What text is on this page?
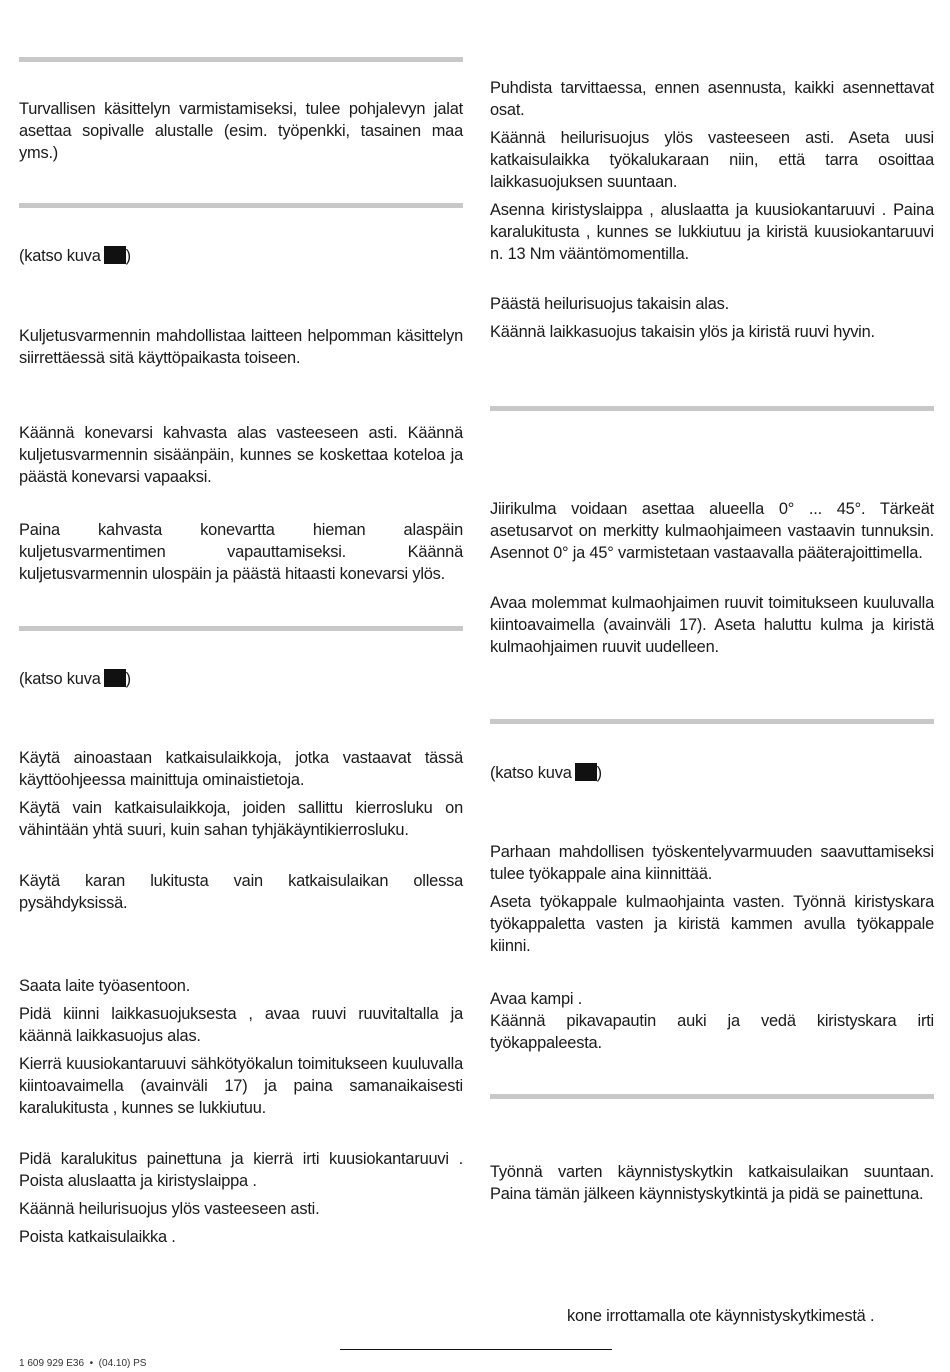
Turvallisen käsittelyn varmistamiseksi, tulee pohjalevyn jalat asettaa sopivalle alustalle (esim. työpenkki, tasainen maa yms.)

(katso kuva )

Kuljetusvarmennin mahdollistaa laitteen helpomman käsittelyn siirrettäessä sitä käyttöpaikasta toiseen.

Käännä konevarsi kahvasta alas vasteeseen asti. Käännä kuljetusvarmennin sisäänpäin, kunnes se koskettaa koteloa ja päästä konevarsi vapaaksi.

Paina kahvasta konevartta hieman alaspäin kuljetusvarmentimen vapauttamiseksi. Käännä kuljetusvarmennin ulospäin ja päästä hitaasti konevarsi ylös.

(katso kuva )

Käytä ainoastaan katkaisulaikkoja, jotka vastaavat tässä käyttöohjeessa mainittuja ominaistietoja.

Käytä vain katkaisulaikkoja, joiden sallittu kierrosluku on vähintään yhtä suuri, kuin sahan tyhjäkäyntikierrosluku.

Käytä karan lukitusta vain katkaisulaikan ollessa pysähdyksissä.

Saata laite työasentoon.

Pidä kiinni laikkasuojuksesta , avaa ruuvi ruuvitaltalla ja käännä laikkasuojus alas.

Kierrä kuusiokantaruuvi sähkötyökalun toimitukseen kuuluvalla kiintoavaimella (avainväli 17) ja paina samanaikaisesti karalukitusta , kunnes se lukkiutuu.

Pidä karalukitus painettuna ja kierrä irti kuusiokantaruuvi . Poista aluslaatta ja kiristyslaippa .

Käännä heilurisuojus ylös vasteeseen asti.

Poista katkaisulaikka .

Puhdista tarvittaessa, ennen asennusta, kaikki asennettavat osat.

Käännä heilurisuojus ylös vasteeseen asti. Aseta uusi katkaisulaikka työkalukaraan niin, että tarra osoittaa laikkasuojuksen suuntaan.

Asenna kiristyslaippa , aluslaatta ja kuusiokantaruuvi . Paina karalukitusta , kunnes se lukkiutuu ja kiristä kuusiokantaruuvi n. 13 Nm vääntömomentilla.

Päästä heilurisuojus takaisin alas.

Käännä laikkasuojus takaisin ylös ja kiristä ruuvi hyvin.

Jiirikulma voidaan asettaa alueella 0° ... 45°. Tärkeät asetusarvot on merkitty kulmaohjaimeen vastaavin tunnuksin. Asennot 0° ja 45° varmistetaan vastaavalla pääterajoittimella.

Avaa molemmat kulmaohjaimen ruuvit toimitukseen kuuluvalla kiintoavaimella (avainväli 17). Aseta haluttu kulma ja kiristä kulmaohjaimen ruuvit uudelleen.

(katso kuva )

Parhaan mahdollisen työskentelyvarmuuden saavuttamiseksi tulee työkappale aina kiinnittää.

Aseta työkappale kulmaohjainta vasten. Työnnä kiristyskara työkappaletta vasten ja kiristä kammen avulla työkappale kiinni.

Avaa kampi .

Käännä pikavapautin auki ja vedä kiristyskara irti työkappaleesta.

Työnnä varten käynnistyskytkin katkaisulaikan suuntaan. Paina tämän jälkeen käynnistyskytkintä ja pidä se painettuna.

kone irrottamalla ote käynnistyskytkimestä .

1 609 929 E36  •  (04.10) PS
